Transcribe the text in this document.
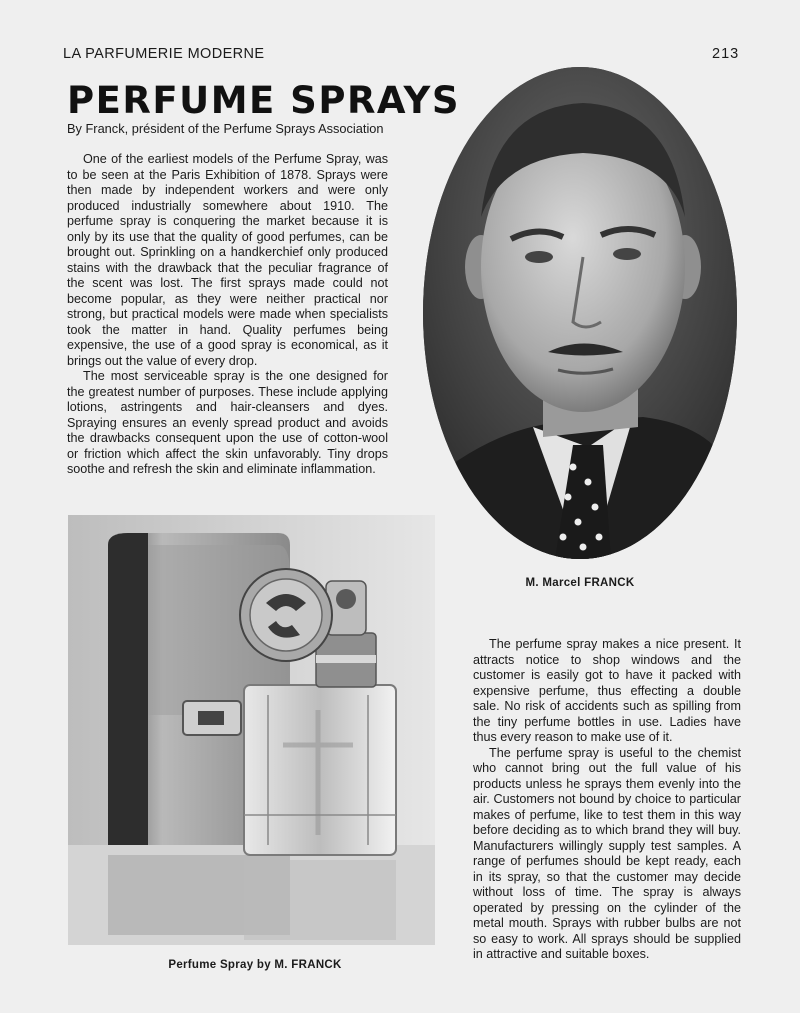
LA PARFUMERIE MODERNE	213
PERFUME SPRAYS
By Franck, président of the Perfume Sprays Association

One of the earliest models of the Perfume Spray, was to be seen at the Paris Exhibition of 1878. Sprays were then made by independent workers and were only produced industrially somewhere about 1910. The perfume spray is conquering the market because it is only by its use that the quality of good perfumes, can be brought out. Sprinkling on a handkerchief only produced stains with the drawback that the peculiar fragrance of the scent was lost. The first sprays made could not become popular, as they were neither practical nor strong, but practical models were made when specialists took the matter in hand. Quality perfumes being expensive, the use of a good spray is economical, as it brings out the value of every drop.

The most serviceable spray is the one designed for the greatest number of purposes. These include applying lotions, astringents and hair-cleansers and dyes. Spraying ensures an evenly spread product and avoids the drawbacks consequent upon the use of cotton-wool or friction which affect the skin unfavorably. Tiny drops soothe and refresh the skin and eliminate inflammation.

M. Marcel FRANCK
Perfume Spray by M. FRANCK

The perfume spray makes a nice present. It attracts notice to shop windows and the customer is easily got to have it packed with expensive perfume, thus effecting a double sale. No risk of accidents such as spilling from the tiny perfume bottles in use. Ladies have thus every reason to make use of it.

The perfume spray is useful to the chemist who cannot bring out the full value of his products unless he sprays them evenly into the air. Customers not bound by choice to particular makes of perfume, like to test them in this way before deciding as to which brand they will buy. Manufacturers willingly supply test samples. A range of perfumes should be kept ready, each in its spray, so that the customer may decide without loss of time. The spray is always operated by pressing on the cylinder of the metal mouth. Sprays with rubber bulbs are not so easy to work. All sprays should be supplied in attractive and suitable boxes.
